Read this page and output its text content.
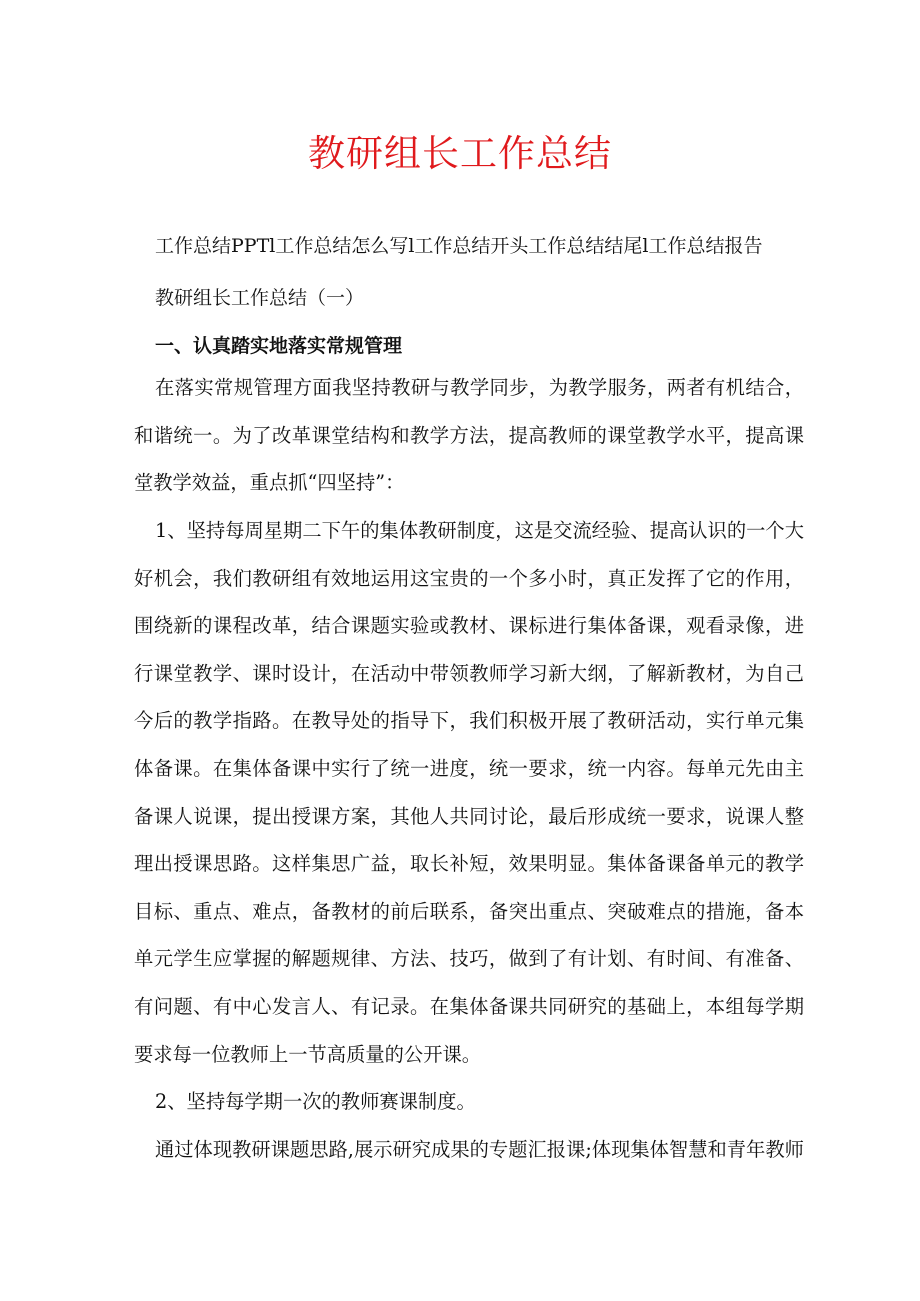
教研组长工作总结
工作总结PPTl工作总结怎么写l工作总结开头工作总结结尾l工作总结报告
教研组长工作总结（一）
一、认真踏实地落实常规管理
在落实常规管理方面我坚持教研与教学同步，为教学服务，两者有机结合，和谐统一。为了改革课堂结构和教学方法，提高教师的课堂教学水平，提高课堂教学效益，重点抓“四坚持”：
1、坚持每周星期二下午的集体教研制度，这是交流经验、提高认识的一个大好机会，我们教研组有效地运用这宝贵的一个多小时，真正发挥了它的作用，围绕新的课程改革，结合课题实验或教材、课标进行集体备课，观看录像，进行课堂教学、课时设计，在活动中带领教师学习新大纲，了解新教材，为自己今后的教学指路。在教导处的指导下，我们积极开展了教研活动，实行单元集体备课。在集体备课中实行了统一进度，统一要求，统一内容。每单元先由主备课人说课，提出授课方案，其他人共同讨论，最后形成统一要求，说课人整理出授课思路。这样集思广益，取长补短，效果明显。集体备课备单元的教学目标、重点、难点，备教材的前后联系，备突出重点、突破难点的措施，备本单元学生应掌握的解题规律、方法、技巧，做到了有计划、有时间、有准备、有问题、有中心发言人、有记录。在集体备课共同研究的基础上，本组每学期要求每一位教师上一节高质量的公开课。
2、坚持每学期一次的教师赛课制度。
通过体现教研课题思路,展示研究成果的专题汇报课;体现集体智慧和青年教师
